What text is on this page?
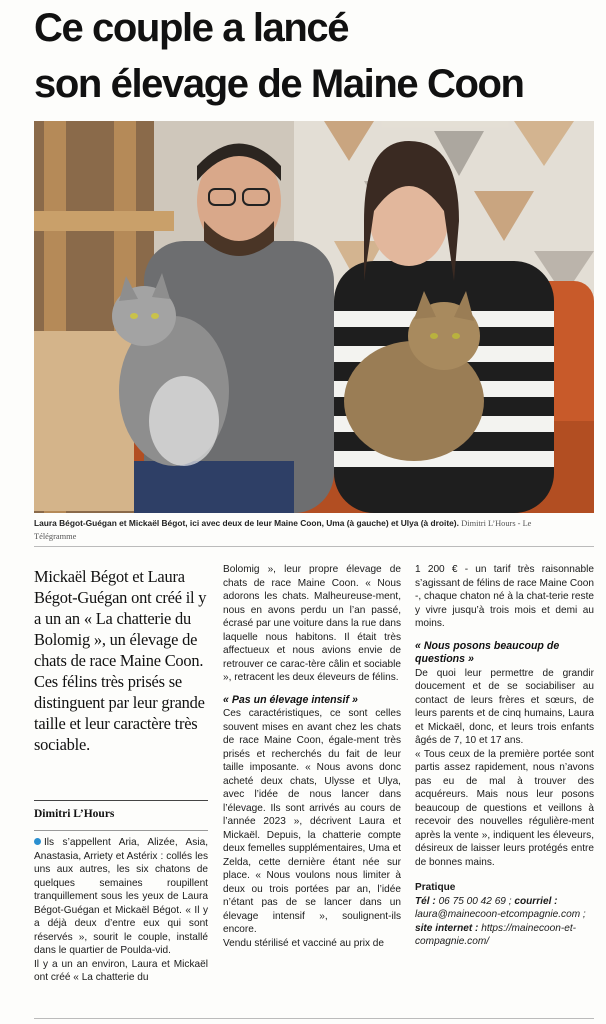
Ce couple a lancé
son élevage de Maine Coon
Laura Bégot-Guégan et Mickaël Bégot, ici avec deux de leur Maine Coon, Uma (à gauche) et Ulya (à droite). Dimitri L’Hours - Le
Télégramme

Mickaël Bégot et Laura Bégot-Guégan ont créé il y a un an « La chatterie du Bolomig », un élevage de chats de race Maine Coon.

Ces félins très prisés se distinguent par leur grande taille et leur caractère très sociable.

Dimitri L’Hours

Ils s’appellent Aria, Alizée, Asia, Anastasia, Arriety et Astérix : collés les uns aux autres, les six chatons de quelques semaines roupillent tranquillement sous les yeux de Laura Bégot-Guégan et Mickaël Bégot. « Il y a déjà deux d’entre eux qui sont réservés », sourit le couple, installé dans le quartier de Poulda-vid.

Il y a un an environ, Laura et Mickaël ont créé « La chatterie du

Bolomig », leur propre élevage de chats de race Maine Coon. « Nous adorons les chats. Malheureuse-ment, nous en avons perdu un l’an passé, écrasé par une voiture dans la rue dans laquelle nous habitons. Il était très affectueux et nous avions envie de retrouver ce carac-tère câlin et sociable », retracent les deux éleveurs de félins.

« Pas un élevage intensif »

Ces caractéristiques, ce sont celles souvent mises en avant chez les chats de race Maine Coon, égale-ment très prisés et recherchés du fait de leur taille imposante. « Nous avons donc acheté deux chats, Ulysse et Ulya, avec l’idée de nous lancer dans l’élevage. Ils sont arrivés au cours de l’année 2023 », décrivent Laura et Mickaël. Depuis, la chatterie compte deux femelles supplémentaires, Uma et Zelda, cette dernière étant née sur place. « Nous voulons nous limiter à deux ou trois portées par an, l’idée n’étant pas de se lancer dans un élevage intensif », soulignent-ils encore.

Vendu stérilisé et vacciné au prix de

1 200 € - un tarif très raisonnable s’agissant de félins de race Maine Coon -, chaque chaton né à la chat-terie reste y vivre jusqu’à trois mois et demi au moins.

« Nous posons beaucoup de questions »

De quoi leur permettre de grandir doucement et de se sociabiliser au contact de leurs frères et sœurs, de leurs parents et de cinq humains, Laura et Mickaël, donc, et leurs trois enfants âgés de 7, 10 et 17 ans.

« Tous ceux de la première portée sont partis assez rapidement, nous n’avons pas eu de mal à trouver des acquéreurs. Mais nous leur posons beaucoup de questions et veillons à recevoir des nouvelles régulière-ment après la vente », indiquent les éleveurs, désireux de laisser leurs protégés entre de bonnes mains.

Pratique

Tél : 06 75 00 42 69 ; courriel : laura@mainecoon-etcompagnie.com ; site internet : https://mainecoon-et-compagnie.com/
